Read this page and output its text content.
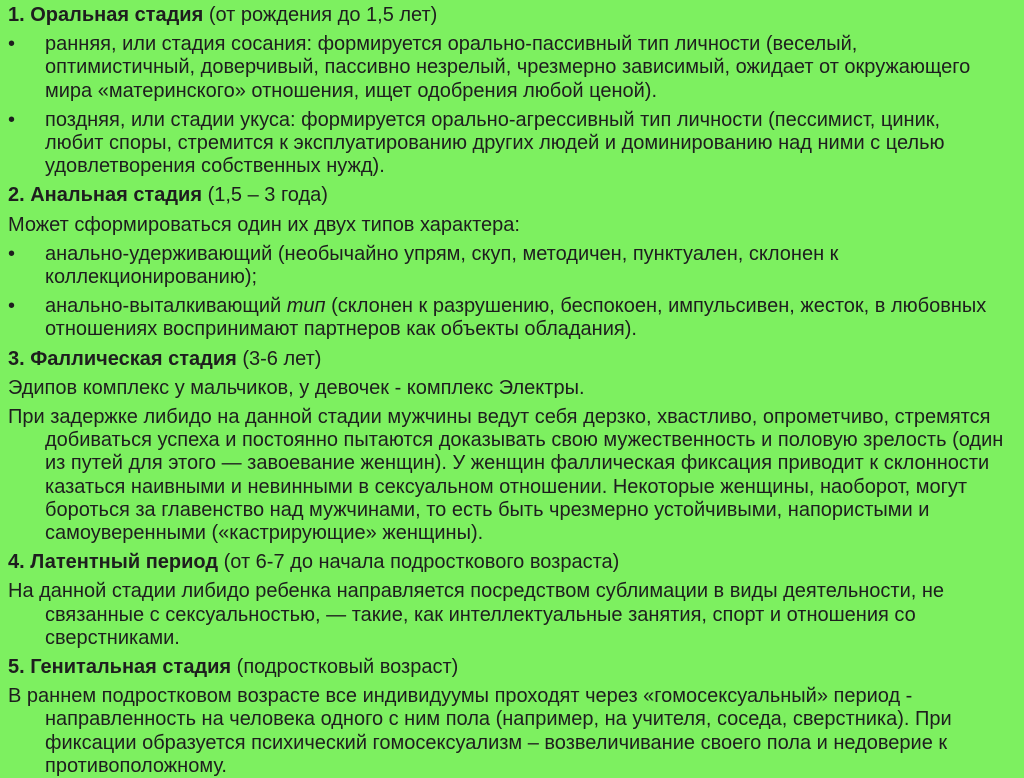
1. Оральная стадия (от рождения до 1,5 лет)
• ранняя, или стадия сосания: формируется орально-пассивный тип личности (веселый, оптимистичный, доверчивый, пассивно незрелый, чрезмерно зависимый, ожидает от окружающего мира «материнского» отношения, ищет одобрения любой ценой).
• поздняя, или стадии укуса: формируется орально-агрессивный тип личности (пессимист, циник, любит споры, стремится к эксплуатированию других людей и доминированию над ними с целью удовлетворения собственных нужд).
2. Анальная стадия (1,5 – 3 года)
Может сформироваться один их двух типов характера:
• анально-удерживающий (необычайно упрям, скуп, методичен, пунктуален, склонен к коллекционированию);
• анально-выталкивающий тип (склонен к разрушению, беспокоен, импульсивен, жесток, в любовных отношениях воспринимают партнеров как объекты обладания).
3. Фаллическая стадия (3-6 лет)
Эдипов комплекс у мальчиков, у девочек - комплекс Электры.
При задержке либидо на данной стадии мужчины ведут себя дерзко, хвастливо, опрометчиво, стремятся добиваться успеха и постоянно пытаются доказывать свою мужественность и половую зрелость (один из путей для этого — завоевание женщин). У женщин фаллическая фиксация приводит к склонности казаться наивными и невинными в сексуальном отношении. Некоторые женщины, наоборот, могут бороться за главенство над мужчинами, то есть быть чрезмерно устойчивыми, напористыми и самоуверенными («кастрирующие» женщины).
4. Латентный период (от 6-7 до начала подросткового возраста)
На данной стадии либидо ребенка направляется посредством сублимации в виды деятельности, не связанные с сексуальностью, — такие, как интеллектуальные занятия, спорт и отношения со сверстниками.
5. Генитальная стадия (подростковый возраст)
В раннем подростковом возрасте все индивидуумы проходят через «гомосексуальный» период - направленность на человека одного с ним пола (например, на учителя, соседа, сверстника). При фиксации образуется психический гомосексуализм – возвеличивание своего пола и недоверие к противоположному.
